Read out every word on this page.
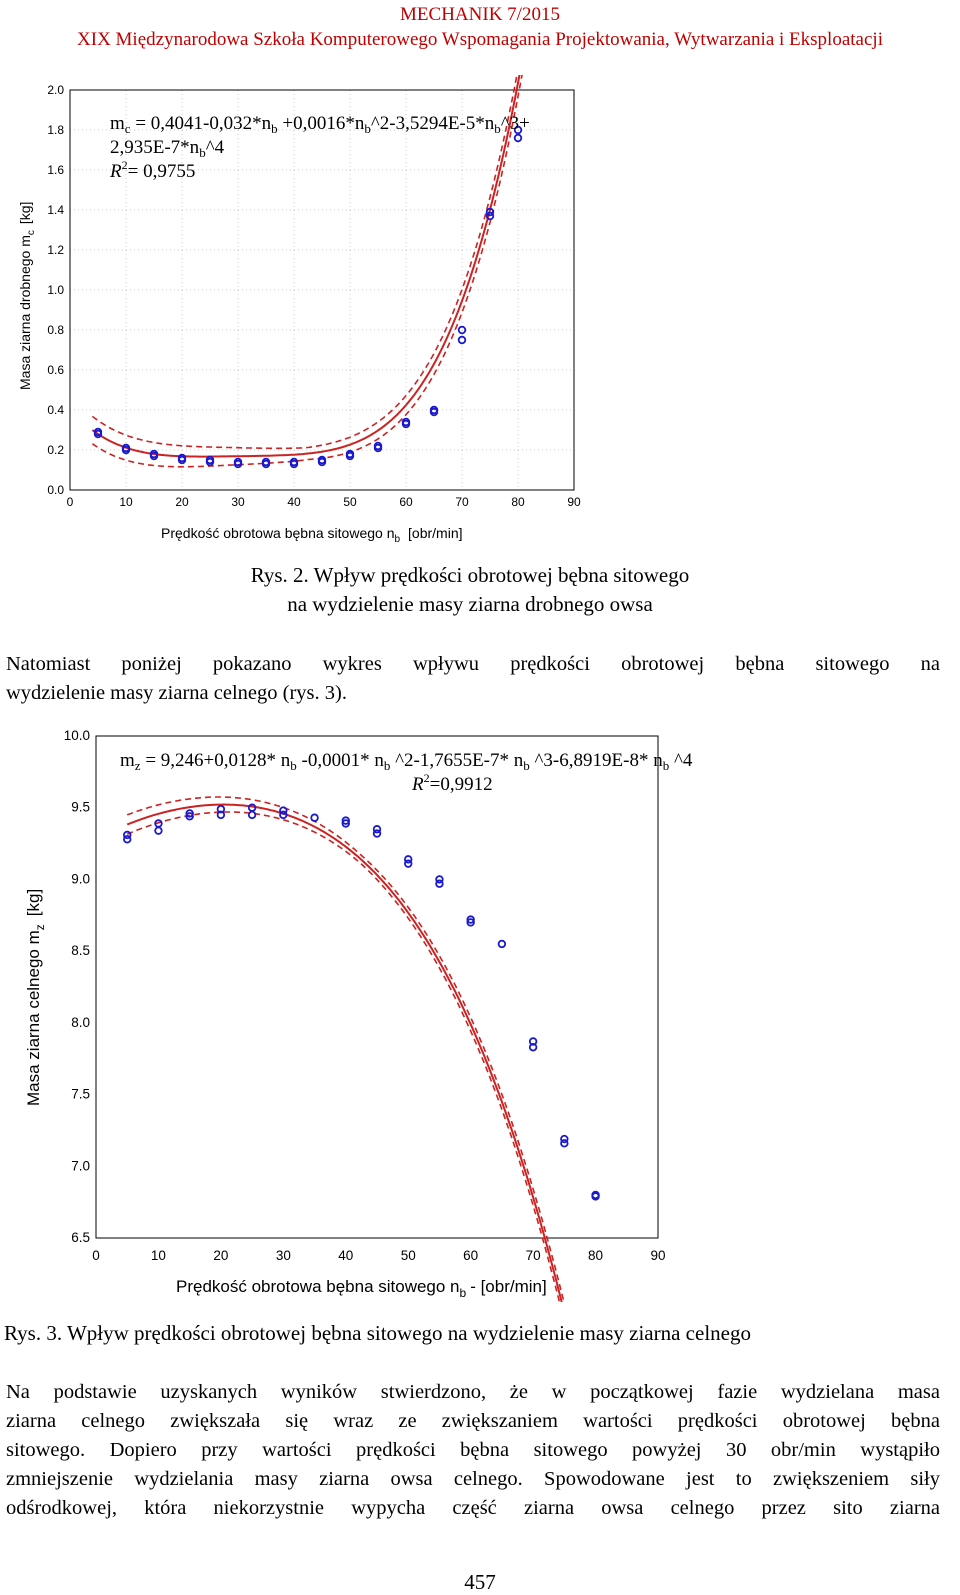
MECHANIK 7/2015
XIX Międzynarodowa Szkoła Komputerowego Wspomagania Projektowania, Wytwarzania i Eksploatacji
0	10	20	30	40	50	60	70	80	90
0.0
0.2
0.4
0.6
0.8
1.0
1.2
1.4
1.6
1.8
2.0
$m_c = 0,4041-0,032*n_b$ $+0,0016*n_b\^{}2-3,5294E-5*n_b\^{}3+$
$2,935E-7*n_b\^{}4$
$R^2= 0,9755$
Prędkość obrotowa bębna sitowego $n_b$ [obr/min]
Masa ziarna drobnego $m_c[kg]$
Rys. 2. Wpływ prędkości obrotowej bębna sitowego
na wydzielenie masy ziarna drobnego owsa
Natomiast poniżej pokazano wykres wpływu prędkości obrotowej bębna sitowego na
wydzielenie masy ziarna celnego (rys. 3).
0	10	20	30	40	50	60	70	80	90
6.5
7.0
7.5
8.0
8.5
9.0
9.5
10.0
$m_z = 9,246+0,0128*$ $n_b$ -0,0001* $n_b$ ^2-1,7655E-7* $n_b$ ^3-6,8919E-8* $n_b$ ^4
$R^2=0,9912$
Prędkość obrotowa bębna sitowego $n_b - [obr/\min]$
Masa ziarna celnego $m_z[kg]$
Rys. 3. Wpływ prędkości obrotowej bębna sitowego na wydzielenie masy ziarna celnego
Na podstawie uzyskanych wyników stwierdzono, że w początkowej fazie wydzielana masa
ziarna celnego zwiększała się wraz ze zwiększaniem wartości prędkości obrotowej bębna
sitowego. Dopiero przy wartości prędkości bębna sitowego powyżej 30 obr/min wystąpiło
zmniejszenie wydzielania masy ziarna owsa celnego. Spowodowane jest to zwiększeniem siły
odśrodkowej, która niekorzystnie wypycha część ziarna owsa celnego przez sito ziarna
457
